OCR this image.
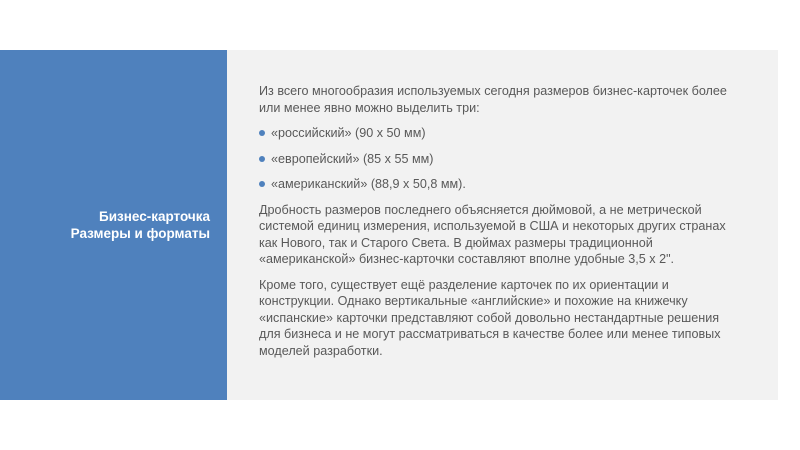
Бизнес-карточка
Размеры и форматы

Из всего многообразия используемых сегодня размеров бизнес-карточек более или менее явно можно выделить три:

«российский» (90 х 50 мм)
«европейский» (85 х 55 мм)
«американский» (88,9 х 50,8 мм).

Дробность размеров последнего объясняется дюймовой, а не метрической системой единиц измерения, используемой в США и некоторых других странах как Нового, так и Старого Света. В дюймах размеры традиционной «американской» бизнес-карточки составляют вполне удобные 3,5 х 2".

Кроме того, существует ещё разделение карточек по их ориентации и конструкции. Однако вертикальные «английские» и похожие на книжечку «испанские» карточки представляют собой довольно нестандартные решения для бизнеса и не могут рассматриваться в качестве более или менее типовых моделей разработки.
